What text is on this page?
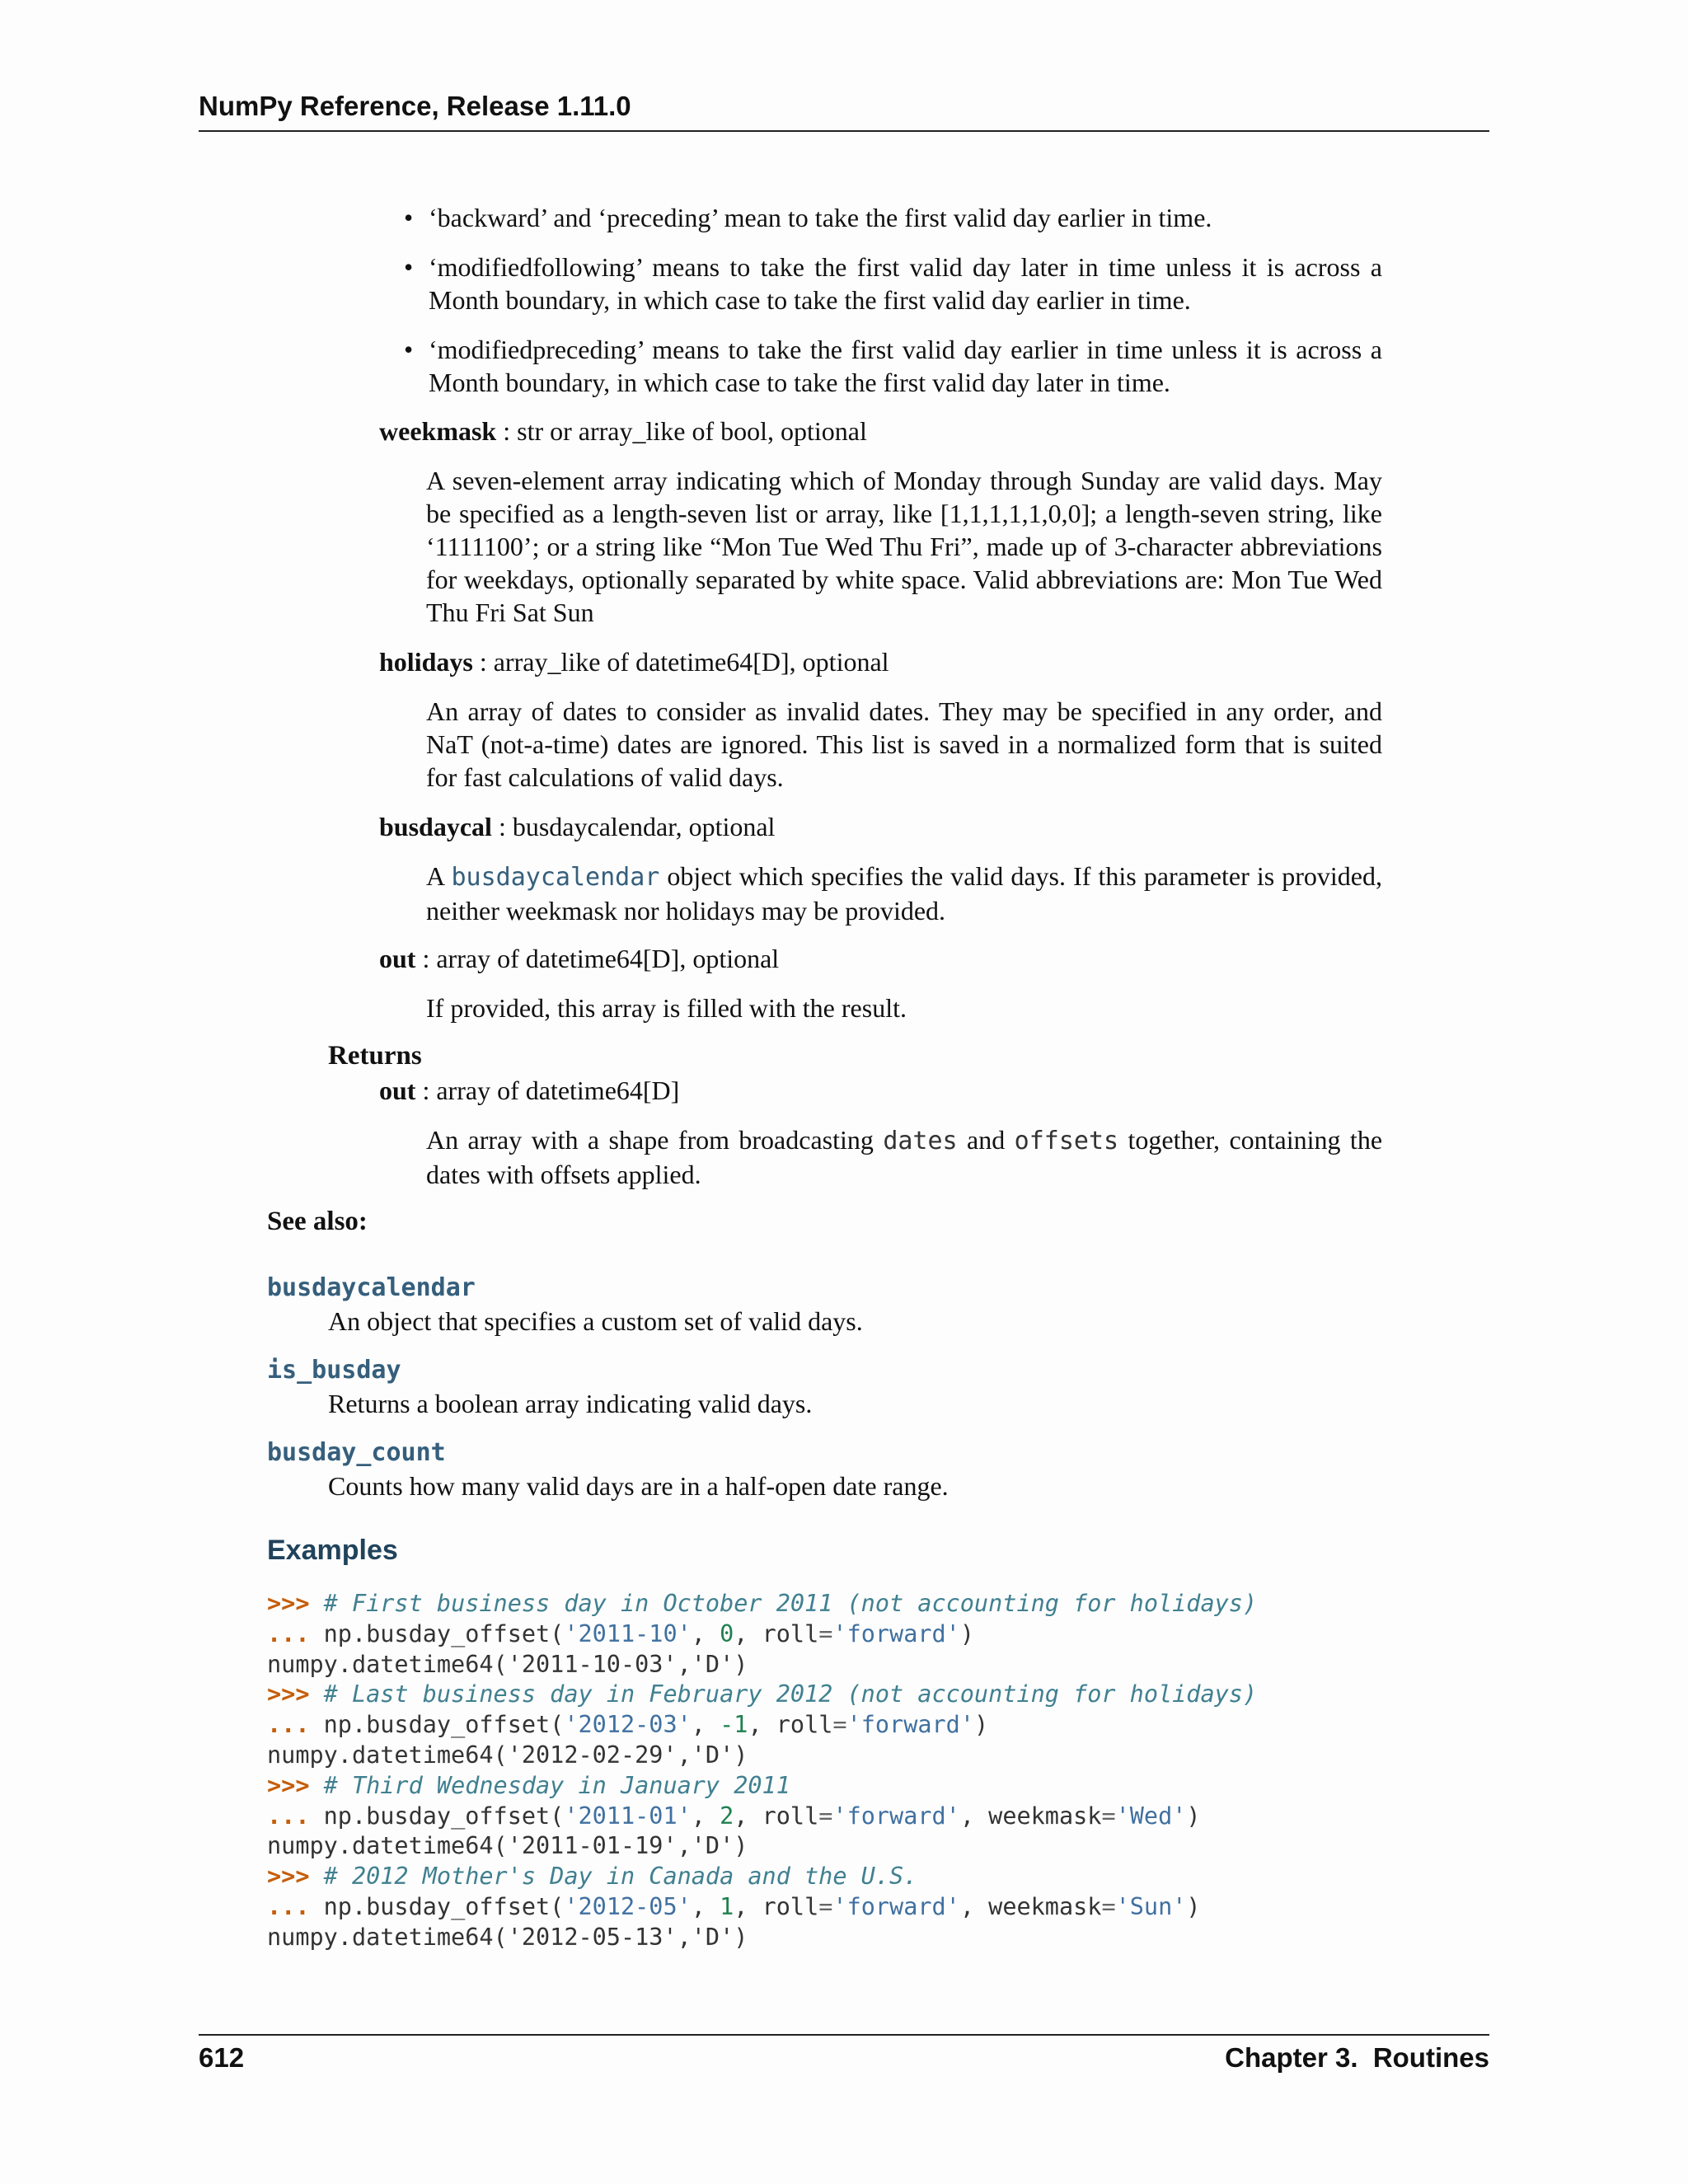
NumPy Reference, Release 1.11.0
• ‘backward’ and ‘preceding’ mean to take the first valid day earlier in time.
• ‘modifiedfollowing’ means to take the first valid day later in time unless it is across a Month boundary, in which case to take the first valid day earlier in time.
• ‘modifiedpreceding’ means to take the first valid day earlier in time unless it is across a Month boundary, in which case to take the first valid day later in time.
weekmask : str or array_like of bool, optional
A seven-element array indicating which of Monday through Sunday are valid days. May be specified as a length-seven list or array, like [1,1,1,1,1,0,0]; a length-seven string, like ‘1111100’; or a string like “Mon Tue Wed Thu Fri”, made up of 3-character abbreviations for weekdays, optionally separated by white space. Valid abbreviations are: Mon Tue Wed Thu Fri Sat Sun
holidays : array_like of datetime64[D], optional
An array of dates to consider as invalid dates. They may be specified in any order, and NaT (not-a-time) dates are ignored. This list is saved in a normalized form that is suited for fast calculations of valid days.
busdaycal : busdaycalendar, optional
A busdaycalendar object which specifies the valid days. If this parameter is provided, neither weekmask nor holidays may be provided.
out : array of datetime64[D], optional
If provided, this array is filled with the result.
Returns
out : array of datetime64[D]
An array with a shape from broadcasting dates and offsets together, containing the dates with offsets applied.
See also:
busdaycalendar
An object that specifies a custom set of valid days.
is_busday
Returns a boolean array indicating valid days.
busday_count
Counts how many valid days are in a half-open date range.
Examples
>>> # First business day in October 2011 (not accounting for holidays)
... np.busday_offset('2011-10', 0, roll='forward')
numpy.datetime64('2011-10-03','D')
>>> # Last business day in February 2012 (not accounting for holidays)
... np.busday_offset('2012-03', -1, roll='forward')
numpy.datetime64('2012-02-29','D')
>>> # Third Wednesday in January 2011
... np.busday_offset('2011-01', 2, roll='forward', weekmask='Wed')
numpy.datetime64('2011-01-19','D')
>>> # 2012 Mother's Day in Canada and the U.S.
... np.busday_offset('2012-05', 1, roll='forward', weekmask='Sun')
numpy.datetime64('2012-05-13','D')
612	Chapter 3.  Routines
